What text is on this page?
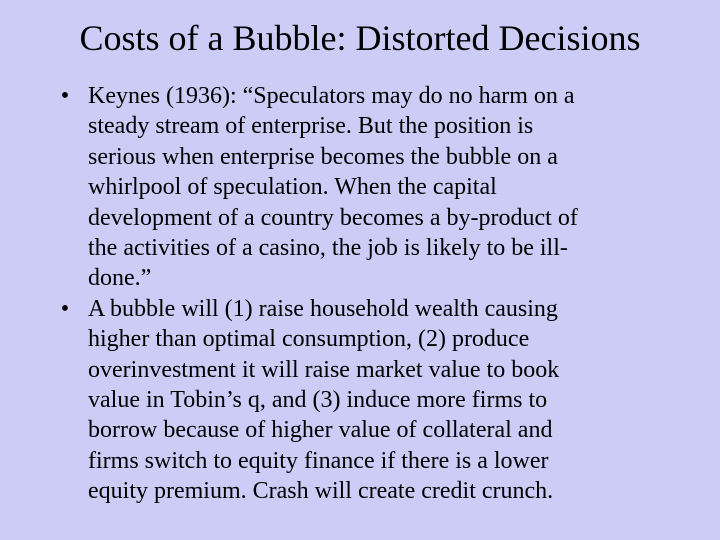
Costs of a Bubble: Distorted Decisions
• Keynes (1936): “Speculators may do no harm on a
steady stream of enterprise. But the position is
serious when enterprise becomes the bubble on a
whirlpool of speculation. When the capital
development of a country becomes a by-product of
the activities of a casino, the job is likely to be ill-
done.”
• A bubble will (1) raise household wealth causing
higher than optimal consumption, (2) produce
overinvestment it will raise market value to book
value in Tobin’s q, and (3) induce more firms to
borrow because of higher value of collateral and
firms switch to equity finance if there is a lower
equity premium. Crash will create credit crunch.
